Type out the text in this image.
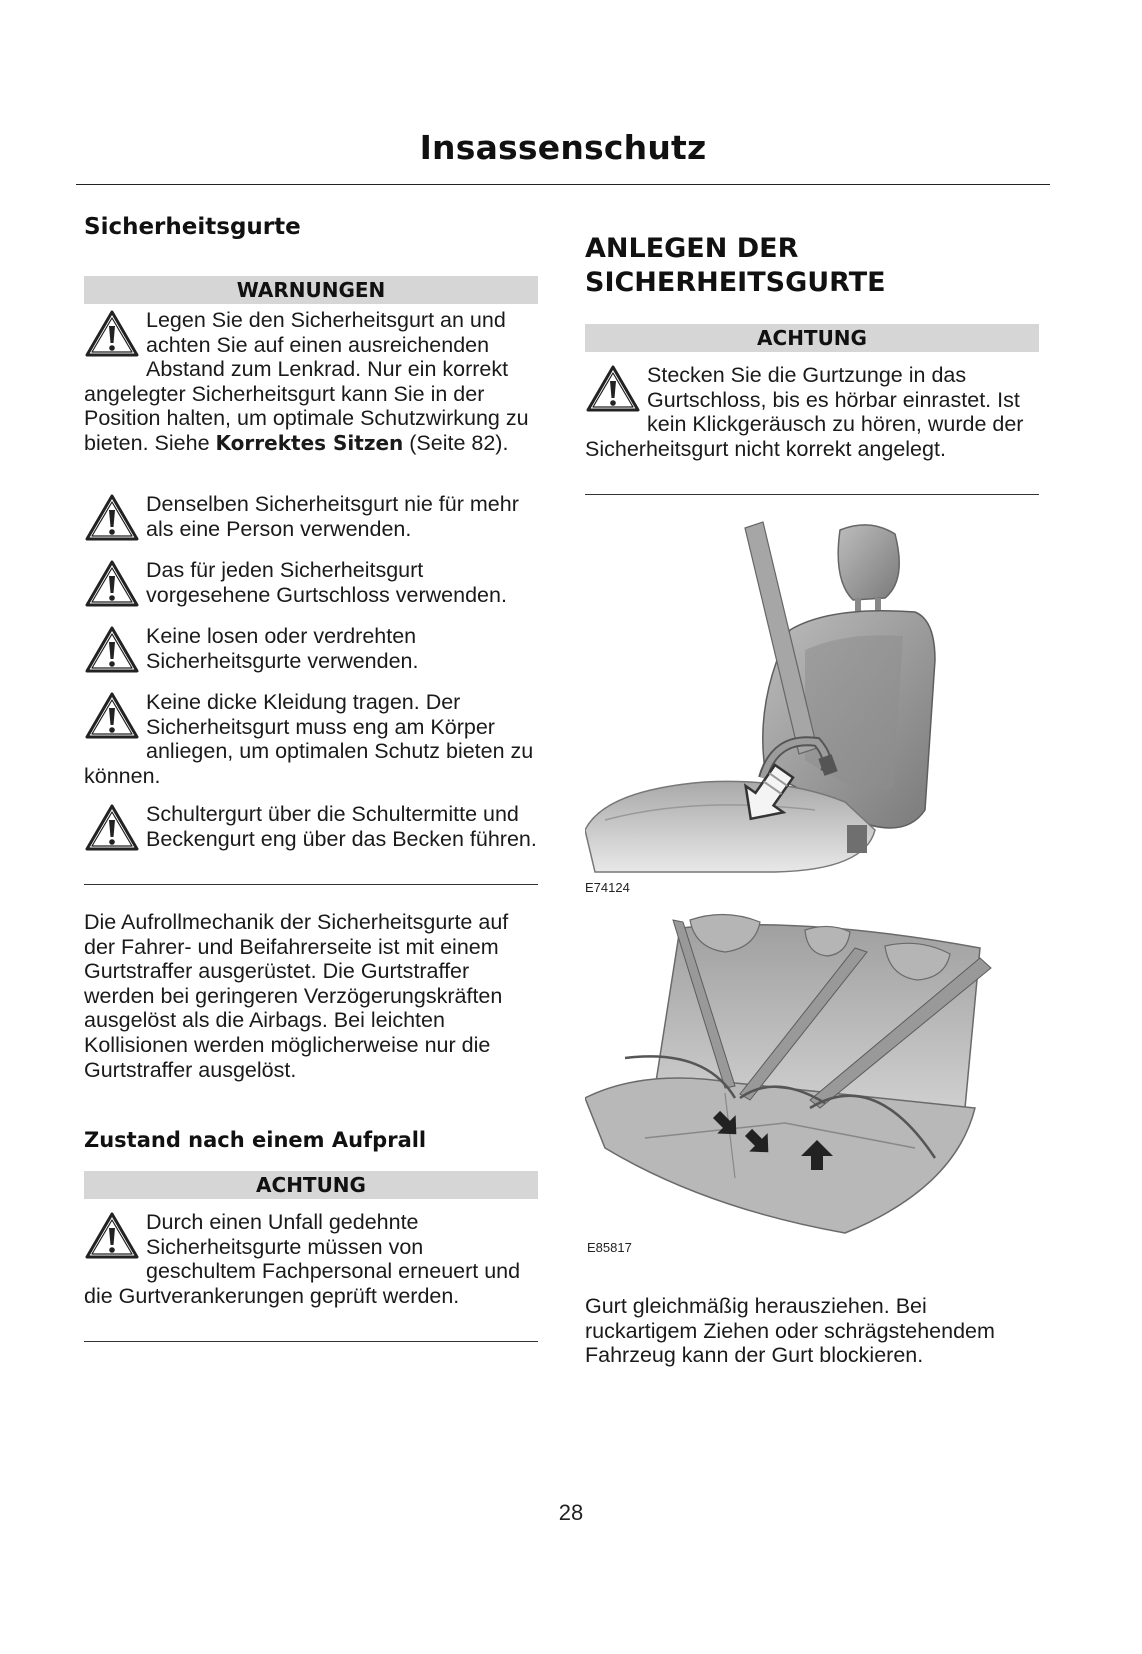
Insassenschutz
Sicherheitsgurte
WARNUNGEN
Legen Sie den Sicherheitsgurt an und achten Sie auf einen ausreichenden Abstand zum Lenkrad. Nur ein korrekt angelegter Sicherheitsgurt kann Sie in der Position halten, um optimale Schutzwirkung zu bieten. Siehe Korrektes Sitzen (Seite 82).
Denselben Sicherheitsgurt nie für mehr als eine Person verwenden.
Das für jeden Sicherheitsgurt vorgesehene Gurtschloss verwenden.
Keine losen oder verdrehten Sicherheitsgurte verwenden.
Keine dicke Kleidung tragen. Der Sicherheitsgurt muss eng am Körper anliegen, um optimalen Schutz bieten zu können.
Schultergurt über die Schultermitte und Beckengurt eng über das Becken führen.

Die Aufrollmechanik der Sicherheitsgurte auf der Fahrer- und Beifahrerseite ist mit einem Gurtstraffer ausgerüstet. Die Gurtstraffer werden bei geringeren Verzögerungskräften ausgelöst als die Airbags. Bei leichten Kollisionen werden möglicherweise nur die Gurtstraffer ausgelöst.

Zustand nach einem Aufprall
ACHTUNG
Durch einen Unfall gedehnte Sicherheitsgurte müssen von geschultem Fachpersonal erneuert und die Gurtverankerungen geprüft werden.
ANLEGEN DER
SICHERHEITSGURTE
ACHTUNG
Stecken Sie die Gurtzunge in das Gurtschloss, bis es hörbar einrastet. Ist kein Klickgeräusch zu hören, wurde der Sicherheitsgurt nicht korrekt angelegt.
E74124
E85817

Gurt gleichmäßig herausziehen. Bei ruckartigem Ziehen oder schrägstehendem Fahrzeug kann der Gurt blockieren.

28
